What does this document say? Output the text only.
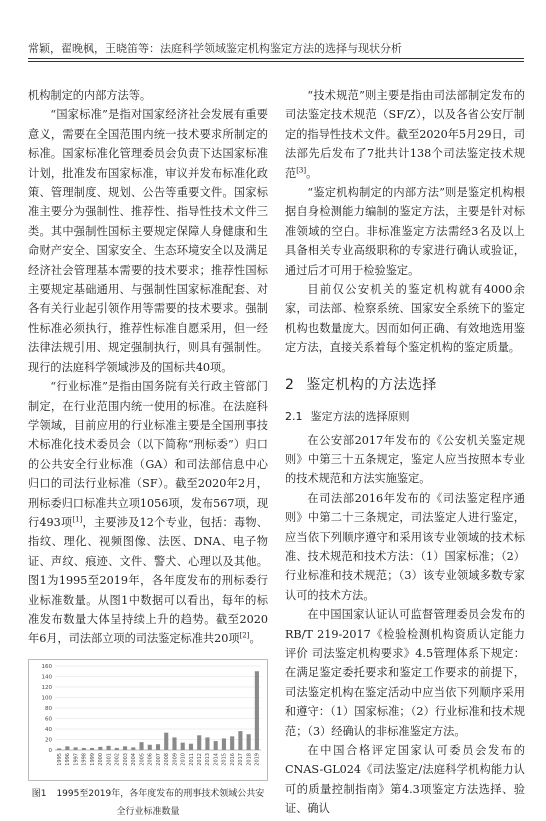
常颖，翟晚枫，王晓笛等：法庭科学领域鉴定机构鉴定方法的选择与现状分析

机构制定的内部方法等。

“国家标准”是指对国家经济社会发展有重要意义，需要在全国范围内统一技术要求所制定的标准。国家标准化管理委员会负责下达国家标准计划，批准发布国家标准，审议并发布标准化政策、管理制度、规划、公告等重要文件。国家标准主要分为强制性、推荐性、指导性技术文件三类。其中强制性国标主要规定保障人身健康和生命财产安全、国家安全、生态环境安全以及满足经济社会管理基本需要的技术要求；推荐性国标主要规定基础通用、与强制性国家标准配套、对各有关行业起引领作用等需要的技术要求。强制性标准必须执行，推荐性标准自愿采用，但一经法律法规引用、规定强制执行，则具有强制性。现行的法庭科学领域涉及的国标共40项。

“行业标准”是指由国务院有关行政主管部门制定，在行业范围内统一使用的标准。在法庭科学领域，目前应用的行业标准主要是全国刑事技术标准化技术委员会（以下简称“刑标委”）归口的公共安全行业标准（GA）和司法部信息中心归口的司法行业标准（SF）。截至2020年2月，刑标委归口标准共立项1056项，发布567项，现行493项[1]，主要涉及12个专业，包括：毒物、指纹、理化、视频图像、法医、DNA、电子物证、声纹、痕迹、文件、警犬、心理以及其他。图1为1995至2019年，各年度发布的刑标委行业标准数量。从图1中数据可以看出，每年的标准发布数量大体呈持续上升的趋势。截至2020年6月，司法部立项的司法鉴定标准共20项[2]。

0
20
40
60
80
100
120
140
160
1995 1996 1997 1998 1999 2000 2001 2002 2003 2004 2005 2006 2007 2008 2009 2010 2011 2012 2013 2014 2015 2016 2017 2018 2019
图1 1995至2019年，各年度发布的刑事技术领域公共安全行业标准数量

“技术规范”则主要是指由司法部制定发布的司法鉴定技术规范（SF/Z），以及各省公安厅制定的指导性技术文件。截至2020年5月29日，司法部先后发布了7批共计138个司法鉴定技术规范[3]。

“鉴定机构制定的内部方法”则是鉴定机构根据自身检测能力编制的鉴定方法，主要是针对标准领域的空白。非标准鉴定方法需经3名及以上具备相关专业高级职称的专家进行确认或验证，通过后才可用于检验鉴定。

目前仅公安机关的鉴定机构就有4000余家，司法部、检察系统、国家安全系统下的鉴定机构也数量庞大。因而如何正确、有效地选用鉴定方法，直接关系着每个鉴定机构的鉴定质量。

2 鉴定机构的方法选择
2.1 鉴定方法的选择原则

在公安部2017年发布的《公安机关鉴定规则》中第三十五条规定，鉴定人应当按照本专业的技术规范和方法实施鉴定。

在司法部2016年发布的《司法鉴定程序通则》中第二十三条规定，司法鉴定人进行鉴定，应当依下列顺序遵守和采用该专业领域的技术标准、技术规范和技术方法：（1）国家标准；（2）行业标准和技术规范；（3）该专业领域多数专家认可的技术方法。

在中国国家认证认可监督管理委员会发布的RB/T 219-2017《检验检测机构资质认定能力评价 司法鉴定机构要求》4.5管理体系下规定：在满足鉴定委托要求和鉴定工作要求的前提下，司法鉴定机构在鉴定活动中应当依下列顺序采用和遵守：（1）国家标准；（2）行业标准和技术规范；（3）经确认的非标准鉴定方法。

在中国合格评定国家认可委员会发布的CNAS-GL024《司法鉴定/法庭科学机构能力认可的质量控制指南》第4.3项鉴定方法选择、验证、确认
